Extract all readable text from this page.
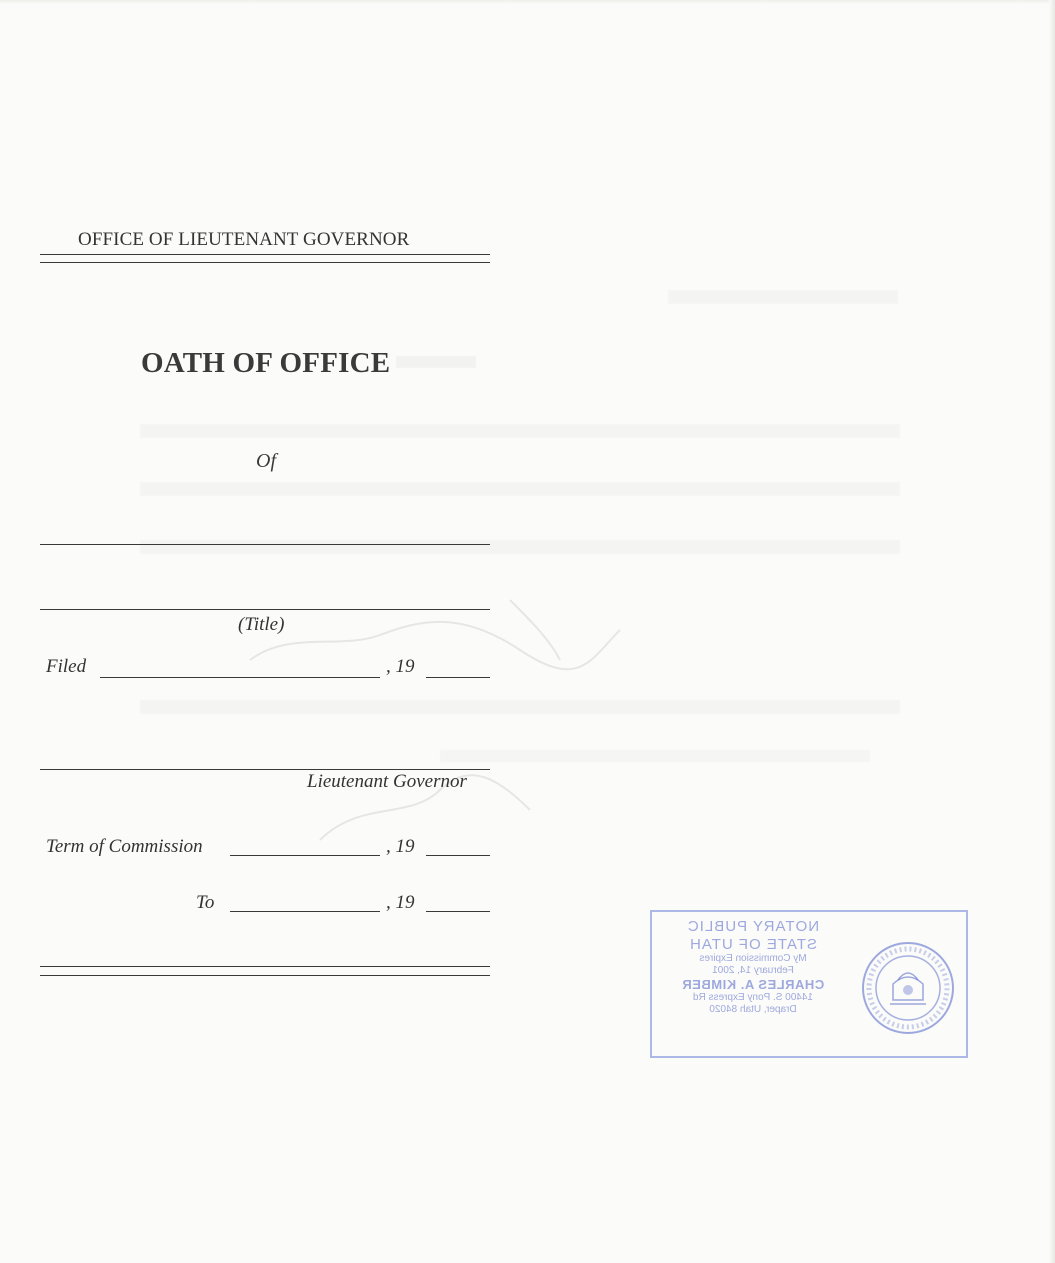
OFFICE OF LIEUTENANT GOVERNOR
OATH OF OFFICE
Of
(Title)
Filed	, 19
Lieutenant Governor
Term of Commission	, 19
To	, 19
NOTARY PUBLIC
STATE OF UTAH
My Commission Expires
February 14, 2001
CHARLES A. KIMBER
14400 S. Pony Express Rd
Draper, Utah 84020
